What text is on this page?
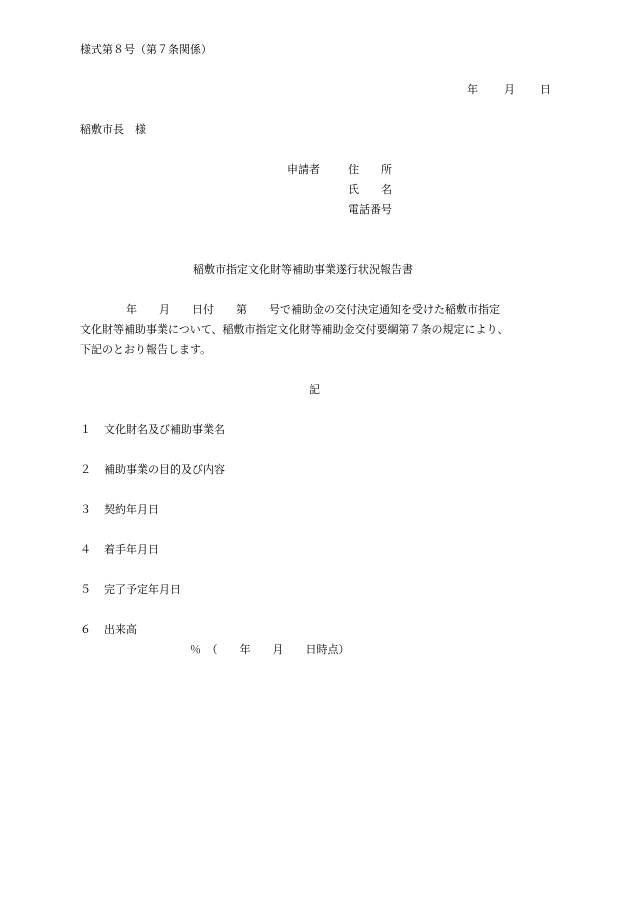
様式第８号（第７条関係）
年 月 日
稲敷市長　様
申請者	住　　所
氏　　名
電話番号
稲敷市指定文化財等補助事業遂行状況報告書
年　　月　　日付　　第　　号で補助金の交付決定通知を受けた稲敷市指定
文化財等補助事業について、稲敷市指定文化財等補助金交付要綱第７条の規定により、
下記のとおり報告します。
記
１ 文化財名及び補助事業名
２ 補助事業の目的及び内容
３ 契約年月日
４ 着手年月日
５ 完了予定年月日
６ 出来高
％　（　　年　　月　　日時点）
